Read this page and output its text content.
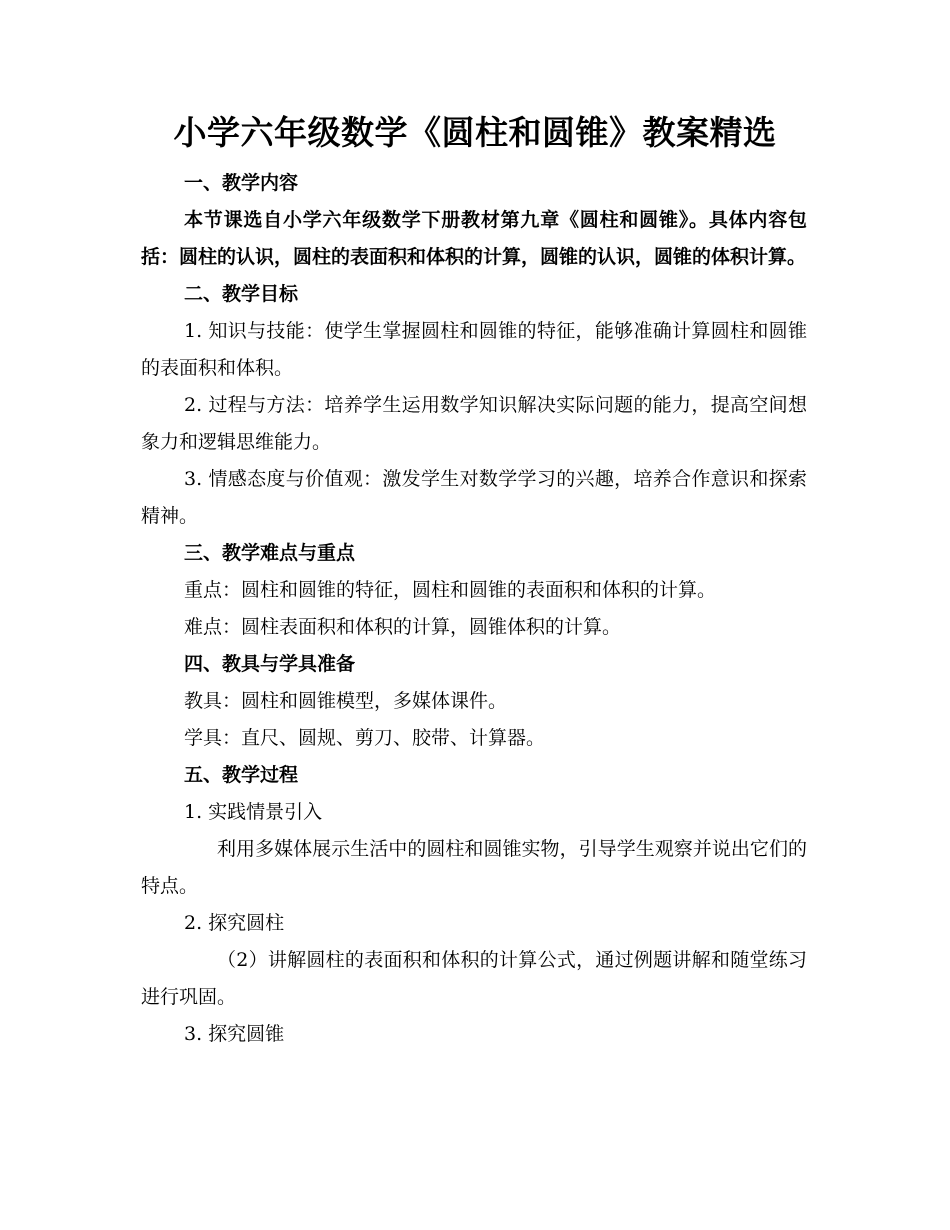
小学六年级数学《圆柱和圆锥》教案精选

一、教学内容

本节课选自小学六年级数学下册教材第九章《圆柱和圆锥》。具体内容包括：圆柱的认识，圆柱的表面积和体积的计算，圆锥的认识，圆锥的体积计算。

二、教学目标

1. 知识与技能：使学生掌握圆柱和圆锥的特征，能够准确计算圆柱和圆锥的表面积和体积。

2. 过程与方法：培养学生运用数学知识解决实际问题的能力，提高空间想象力和逻辑思维能力。

3. 情感态度与价值观：激发学生对数学学习的兴趣，培养合作意识和探索精神。

三、教学难点与重点

重点：圆柱和圆锥的特征，圆柱和圆锥的表面积和体积的计算。

难点：圆柱表面积和体积的计算，圆锥体积的计算。

四、教具与学具准备

教具：圆柱和圆锥模型，多媒体课件。

学具：直尺、圆规、剪刀、胶带、计算器。

五、教学过程

1. 实践情景引入

利用多媒体展示生活中的圆柱和圆锥实物，引导学生观察并说出它们的特点。

2. 探究圆柱

（2）讲解圆柱的表面积和体积的计算公式，通过例题讲解和随堂练习进行巩固。

3. 探究圆锥
